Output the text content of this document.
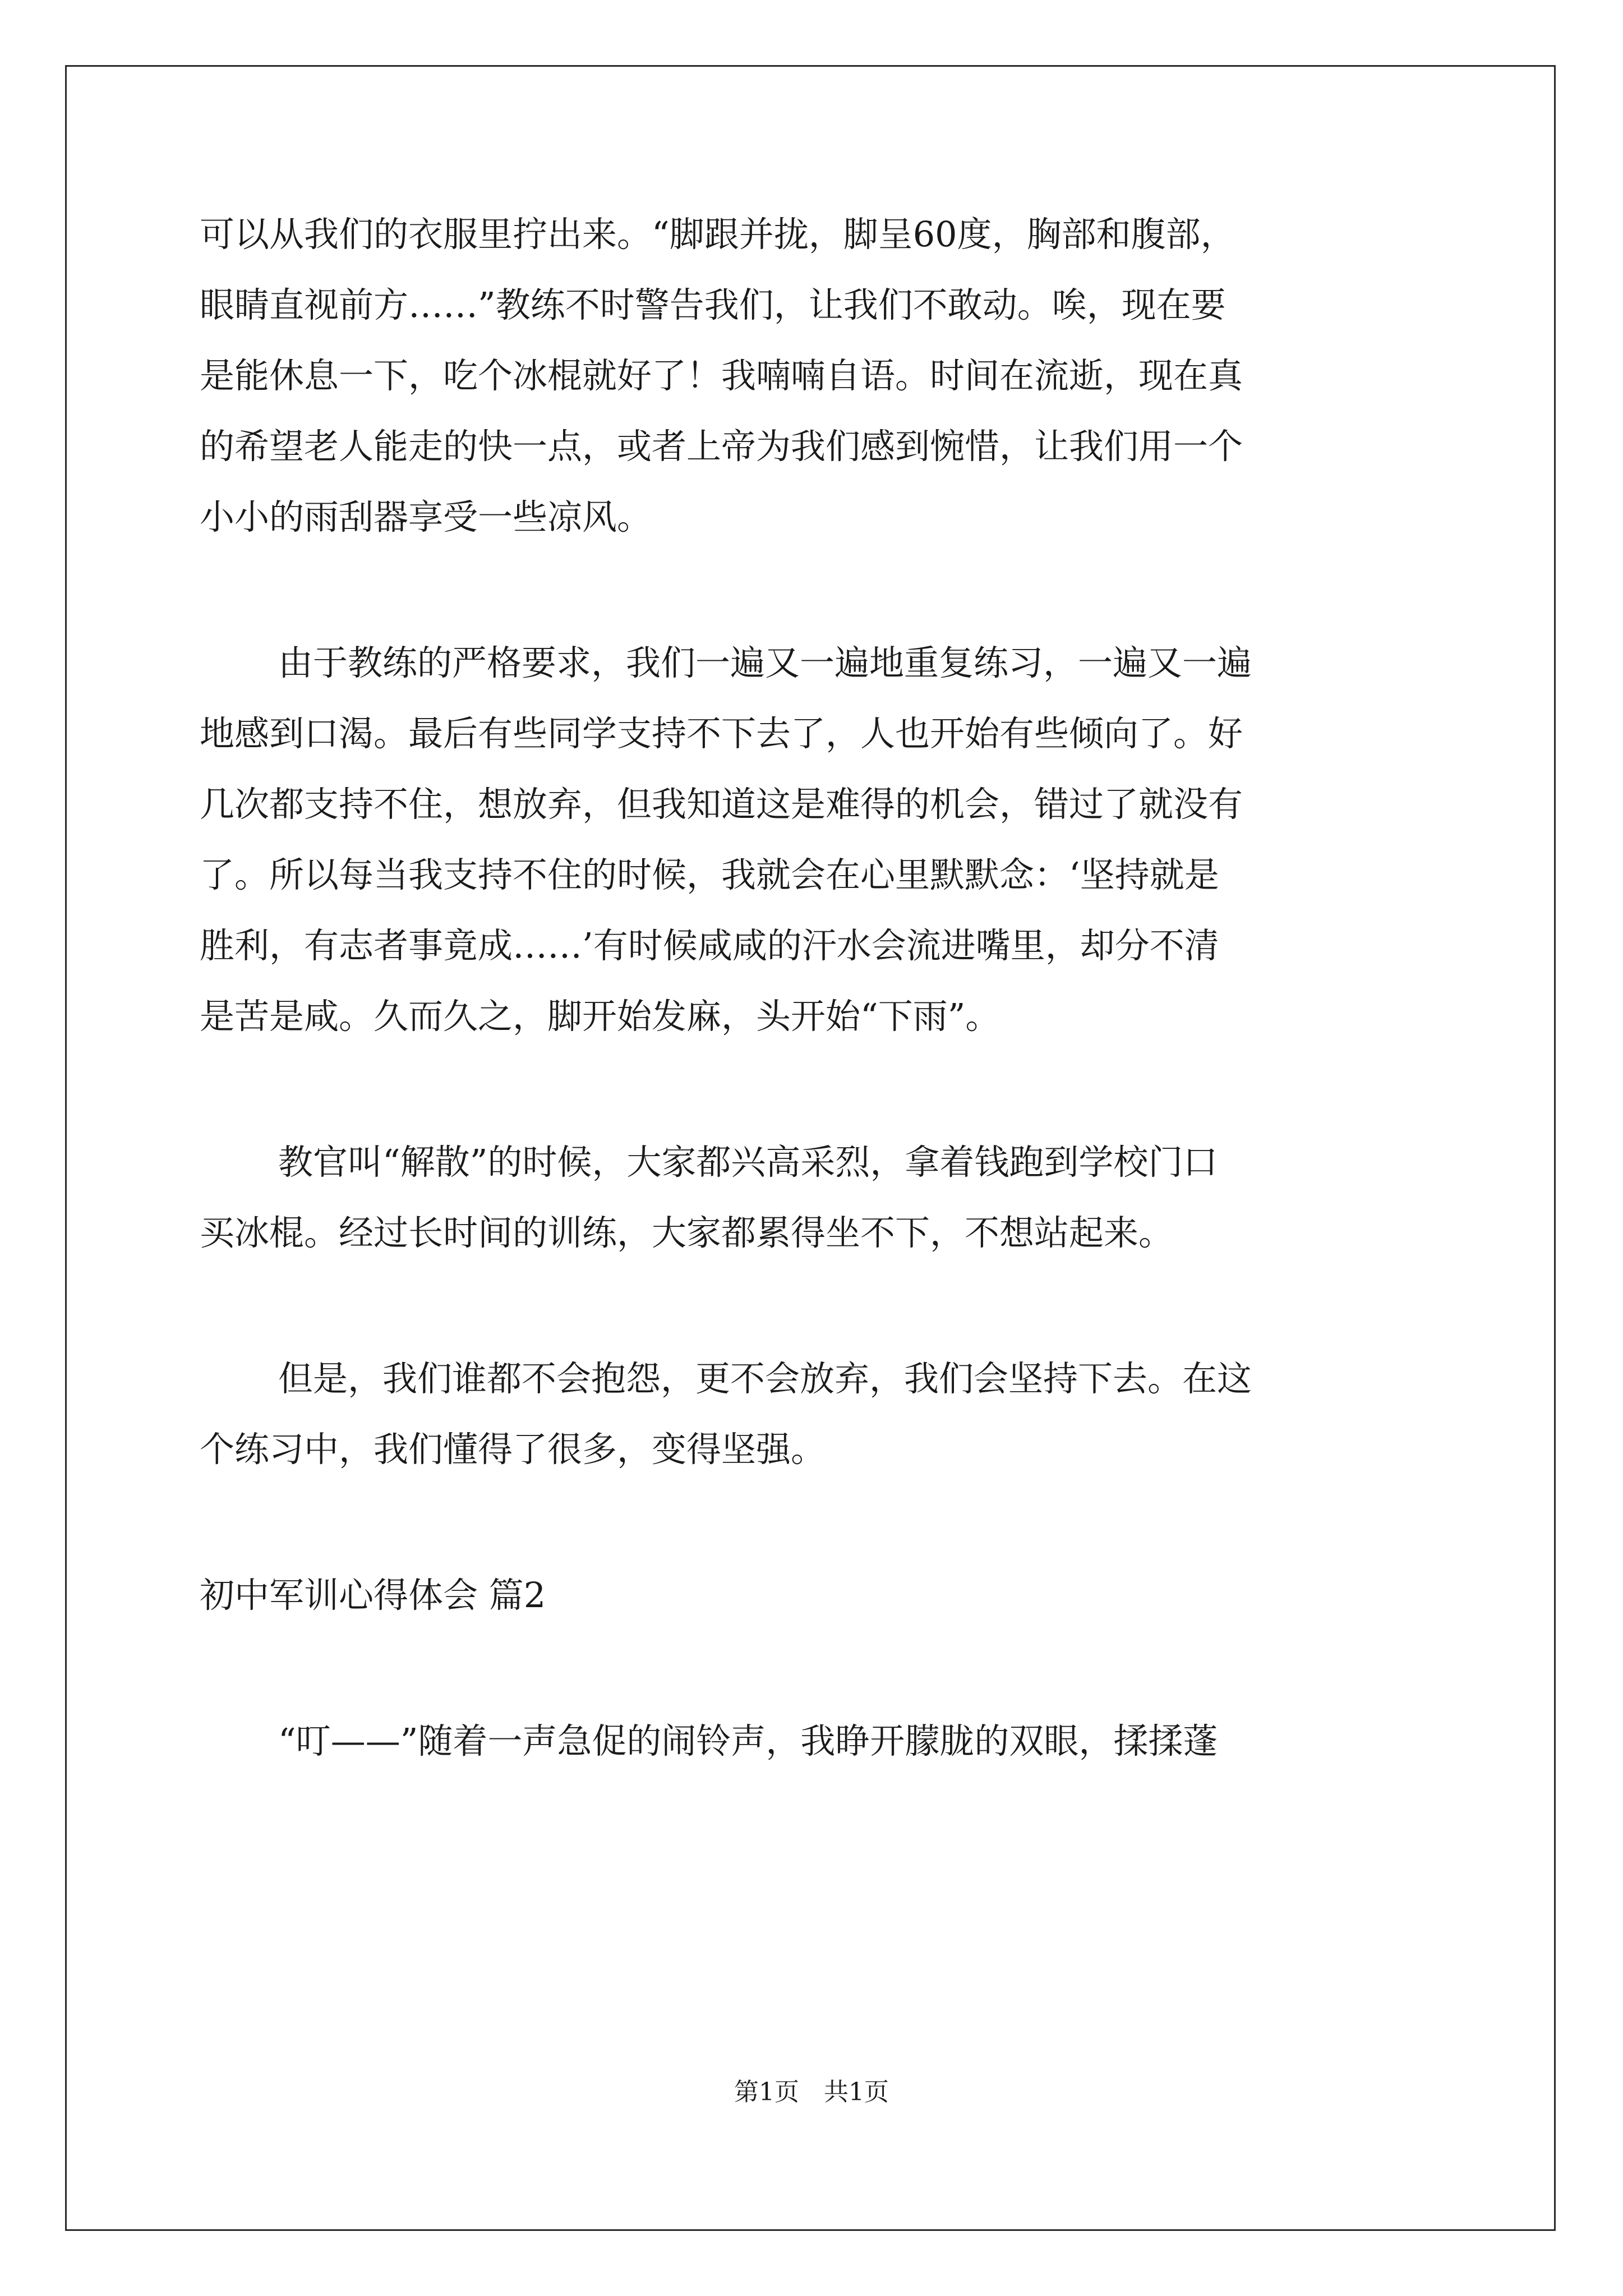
可以从我们的衣服里拧出来。“脚跟并拢，脚呈60度，胸部和腹部，
眼睛直视前方……”教练不时警告我们，让我们不敢动。唉，现在要
是能休息一下，吃个冰棍就好了！我喃喃自语。时间在流逝，现在真
的希望老人能走的快一点，或者上帝为我们感到惋惜，让我们用一个
小小的雨刮器享受一些凉风。
由于教练的严格要求，我们一遍又一遍地重复练习，一遍又一遍
地感到口渴。最后有些同学支持不下去了，人也开始有些倾向了。好
几次都支持不住，想放弃，但我知道这是难得的机会，错过了就没有
了。所以每当我支持不住的时候，我就会在心里默默念：‘坚持就是
胜利，有志者事竟成……’有时候咸咸的汗水会流进嘴里，却分不清
是苦是咸。久而久之，脚开始发麻，头开始“下雨”。
教官叫“解散”的时候，大家都兴高采烈，拿着钱跑到学校门口
买冰棍。经过长时间的训练，大家都累得坐不下，不想站起来。
但是，我们谁都不会抱怨，更不会放弃，我们会坚持下去。在这
个练习中，我们懂得了很多，变得坚强。
初中军训心得体会 篇2
“叮——”随着一声急促的闹铃声，我睁开朦胧的双眼，揉揉蓬
第1页　共1页
